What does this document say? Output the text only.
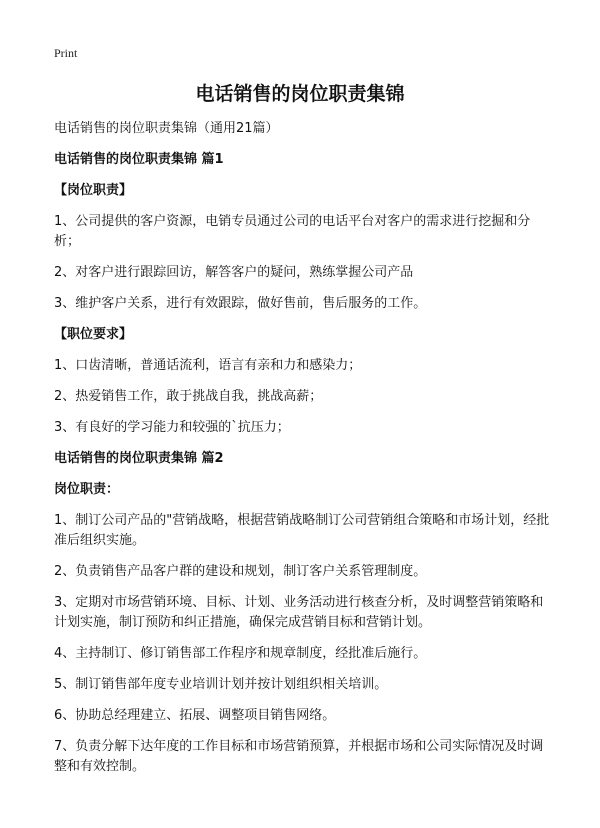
Print
电话销售的岗位职责集锦

电话销售的岗位职责集锦（通用21篇）

电话销售的岗位职责集锦 篇1

【岗位职责】

1、公司提供的客户资源，电销专员通过公司的电话平台对客户的需求进行挖掘和分析；

2、对客户进行跟踪回访，解答客户的疑问，熟练掌握公司产品

3、维护客户关系，进行有效跟踪，做好售前，售后服务的工作。

【职位要求】

1、口齿清晰，普通话流利，语言有亲和力和感染力；

2、热爱销售工作，敢于挑战自我，挑战高薪；

3、有良好的学习能力和较强的`抗压力；

电话销售的岗位职责集锦 篇2

岗位职责：

1、制订公司产品的"营销战略，根据营销战略制订公司营销组合策略和市场计划，经批准后组织实施。

2、负责销售产品客户群的建设和规划，制订客户关系管理制度。

3、定期对市场营销环境、目标、计划、业务活动进行核查分析，及时调整营销策略和计划实施，制订预防和纠正措施，确保完成营销目标和营销计划。

4、主持制订、修订销售部工作程序和规章制度，经批准后施行。

5、制订销售部年度专业培训计划并按计划组织相关培训。

6、协助总经理建立、拓展、调整项目销售网络。

7、负责分解下达年度的工作目标和市场营销预算，并根据市场和公司实际情况及时调整和有效控制。
